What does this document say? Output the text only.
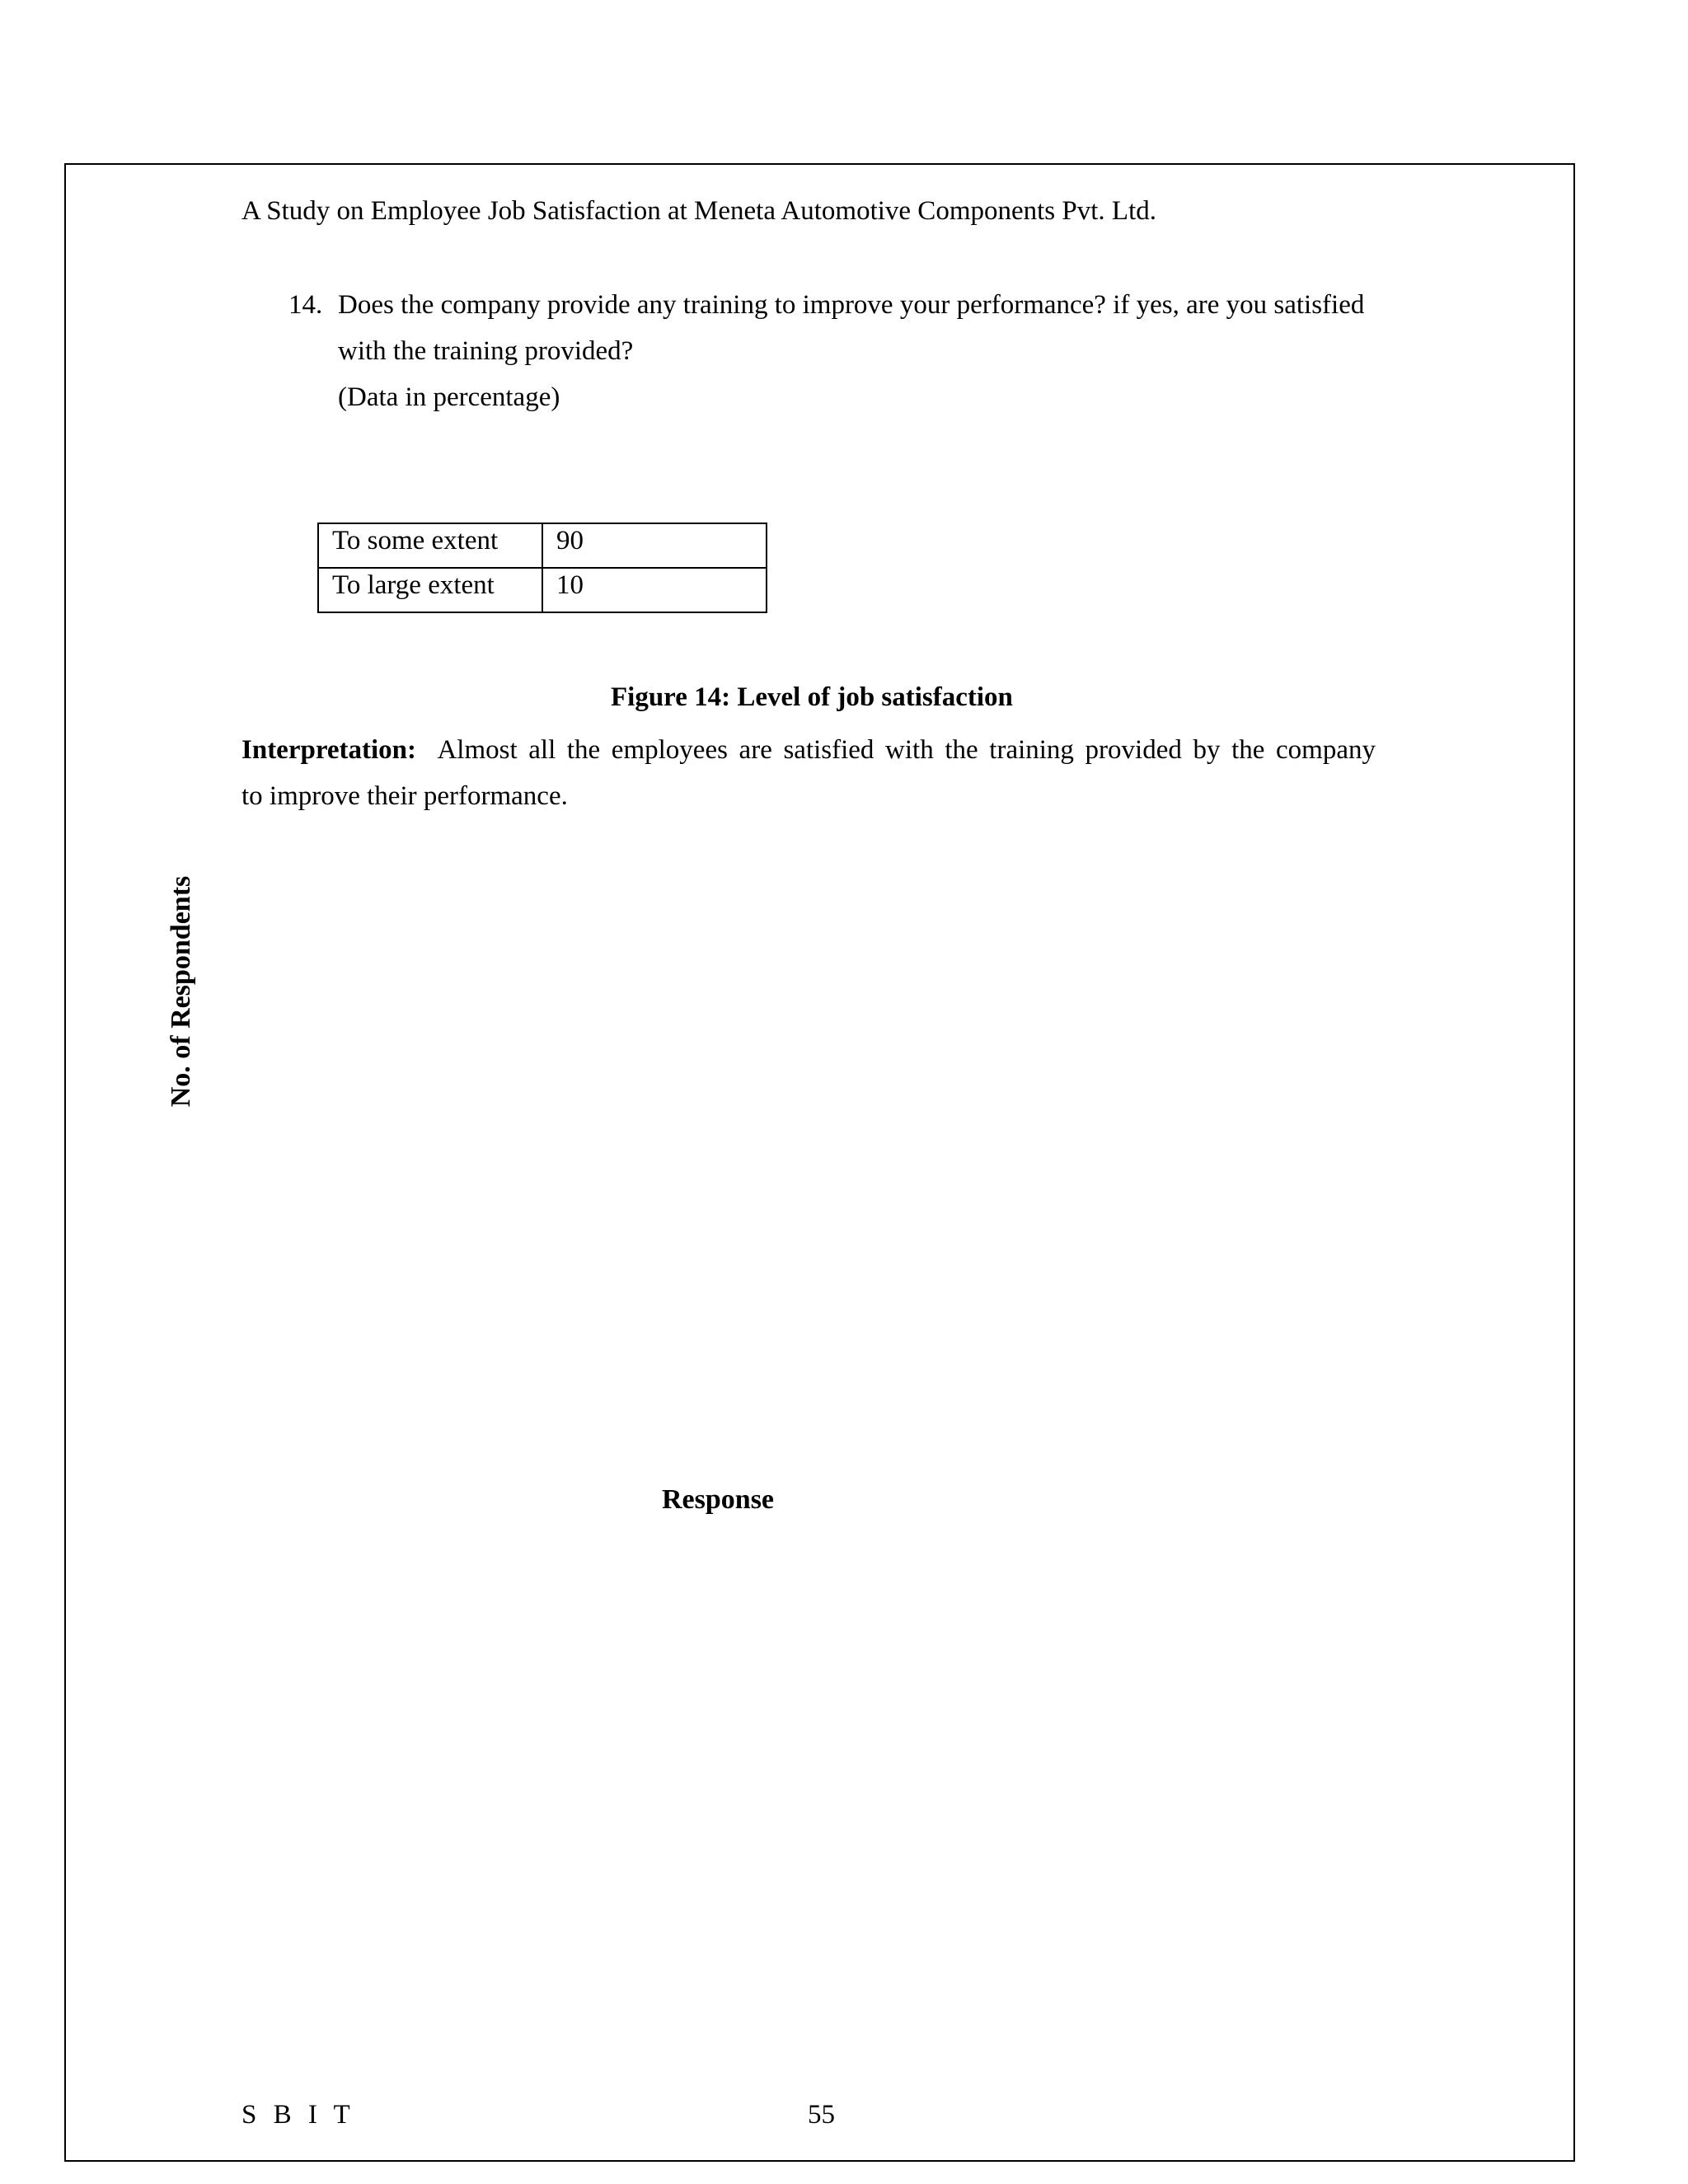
A Study on Employee Job Satisfaction at Meneta Automotive Components Pvt. Ltd.
14. Does the company provide any training to improve your performance? if yes, are you satisfied
with the training provided?
(Data in percentage)
To some extent	90
To large extent	10
Figure 14: Level of job satisfaction
Interpretation: Almost all the employees are satisfied with the training provided by the company
to improve their performance.
No. of Respondents
Response
S B I T	55
